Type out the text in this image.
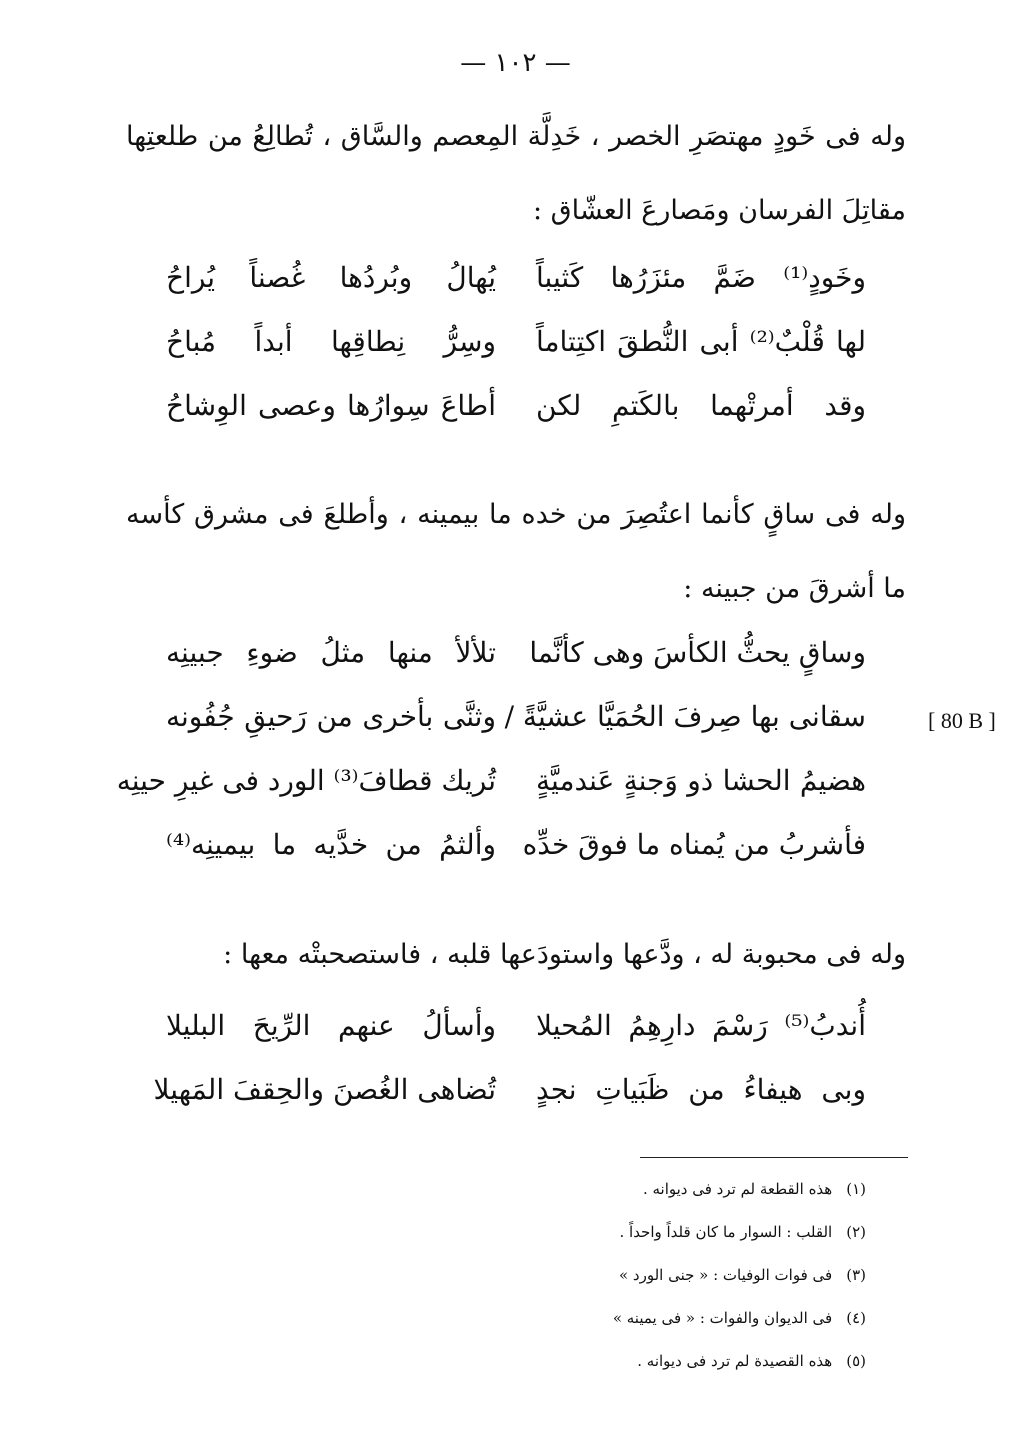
— ١٠٢ —

وله فى خَودٍ مهتصَرِ الخصر ، خَدِلَّة المِعصم والسَّاق ، تُطالِعُ من طلعتِها مقاتِلَ الفرسان ومَصارعَ العشّاق :

وخَودٍ⁽¹⁾ ضَمَّ مئزَرُها كَثيباً
يُهالُ وبُردُها غُصناً يُراحُ
لها قُلْبٌ⁽²⁾ أبى النُّطقَ اكتِتاماً
وسِرُّ نِطاقِها أبداً مُباحُ
وقد أمرتْهما بالكَتمِ لكن
أطاعَ سِوارُها وعصى الوِشاحُ

وله فى ساقٍ كأنما اعتُصِرَ من خده ما بيمينه ، وأطلعَ فى مشرق كأسه ما أشرقَ من جبينه :

وساقٍ يحثُّ الكأسَ وهى كأنَّما
تلألأ منها مثلُ ضوءِ جبينِه
سقانى بها صِرفَ الحُمَيَّا عشيَّةً /
وثنَّى بأخرى من رَحيقِ جُفُونه
هضيمُ الحشا ذو وَجنةٍ عَندميَّةٍ
تُريك قطافَ⁽³⁾ الورد فى غيرِ حينِه
فأشربُ من يُمناه ما فوقَ خدِّه
وألثمُ من خدَّيه ما بيمينِه⁽⁴⁾
[ 80 B ]

وله فى محبوبة له ، ودَّعها واستودَعها قلبه ، فاستصحبتْه معها :

أُندبُ⁽⁵⁾ رَسْمَ دارِهِمُ المُحيلا
وأسألُ عنهم الرِّيحَ البليلا
وبى هيفاءُ من ظَبَياتِ نجدٍ
تُضاهى الغُصنَ والحِقفَ المَهيلا
(١)
هذه القطعة لم ترد فى ديوانه .
(٢)
القلب : السوار ما كان قلداً واحداً .
(٣)
فى فوات الوفيات : « جنى الورد »
(٤)
فى الديوان والفوات : « فى يمينه »
(٥)
هذه القصيدة لم ترد فى ديوانه .
